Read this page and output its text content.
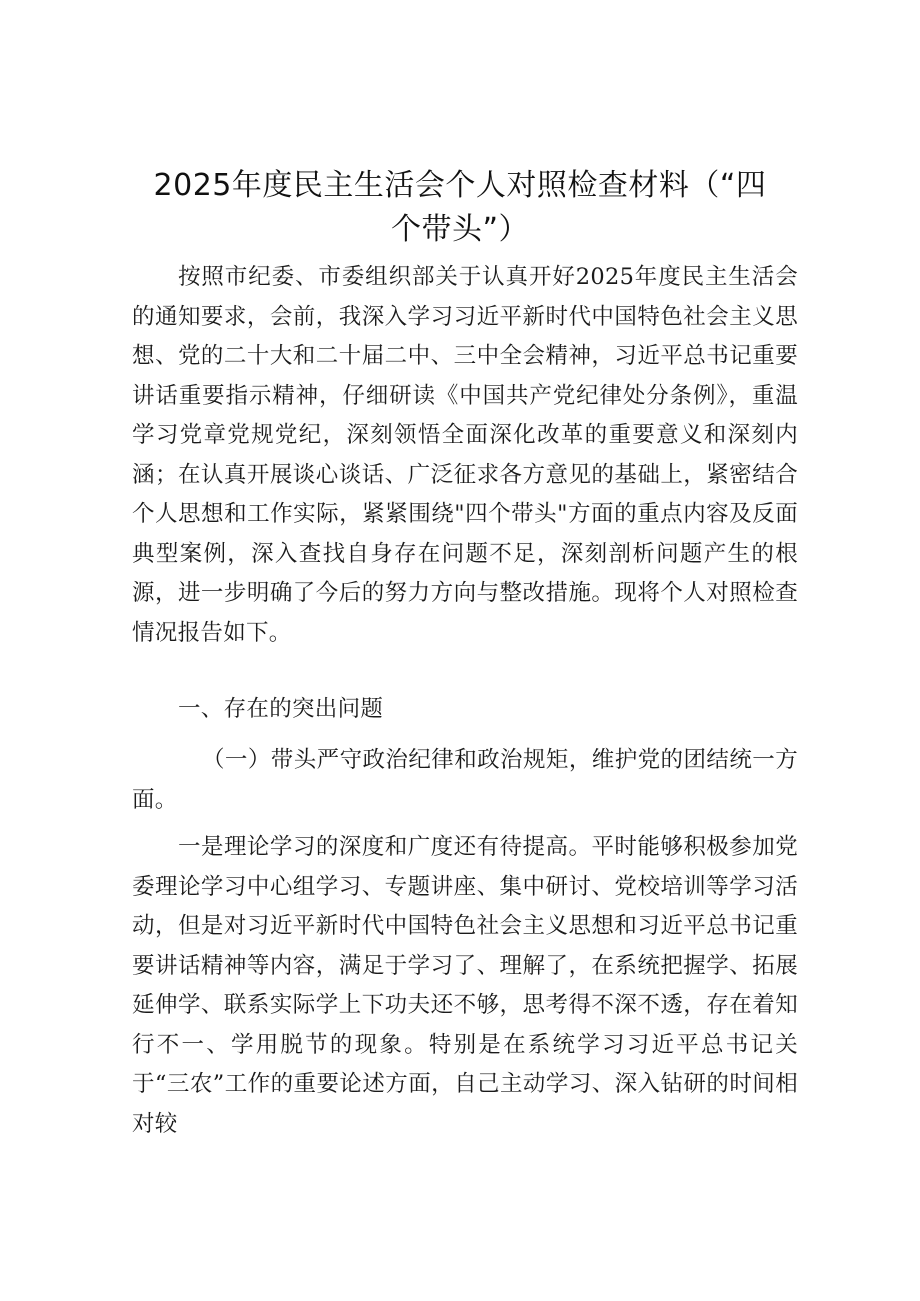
2025年度民主生活会个人对照检查材料（“四
个带头”）
按照市纪委、市委组织部关于认真开好2025年度民主生活会的通知要求，会前，我深入学习习近平新时代中国特色社会主义思想、党的二十大和二十届二中、三中全会精神，习近平总书记重要讲话重要指示精神，仔细研读《中国共产党纪律处分条例》，重温学习党章党规党纪，深刻领悟全面深化改革的重要意义和深刻内涵；在认真开展谈心谈话、广泛征求各方意见的基础上，紧密结合个人思想和工作实际，紧紧围绕"四个带头"方面的重点内容及反面典型案例，深入查找自身存在问题不足，深刻剖析问题产生的根源，进一步明确了今后的努力方向与整改措施。现将个人对照检查情况报告如下。
一、存在的突出问题
（一）带头严守政治纪律和政治规矩，维护党的团结统一方面。
一是理论学习的深度和广度还有待提高。平时能够积极参加党委理论学习中心组学习、专题讲座、集中研讨、党校培训等学习活动，但是对习近平新时代中国特色社会主义思想和习近平总书记重要讲话精神等内容，满足于学习了、理解了，在系统把握学、拓展延伸学、联系实际学上下功夫还不够，思考得不深不透，存在着知行不一、学用脱节的现象。特别是在系统学习习近平总书记关于“三农”工作的重要论述方面，自己主动学习、深入钻研的时间相对较
